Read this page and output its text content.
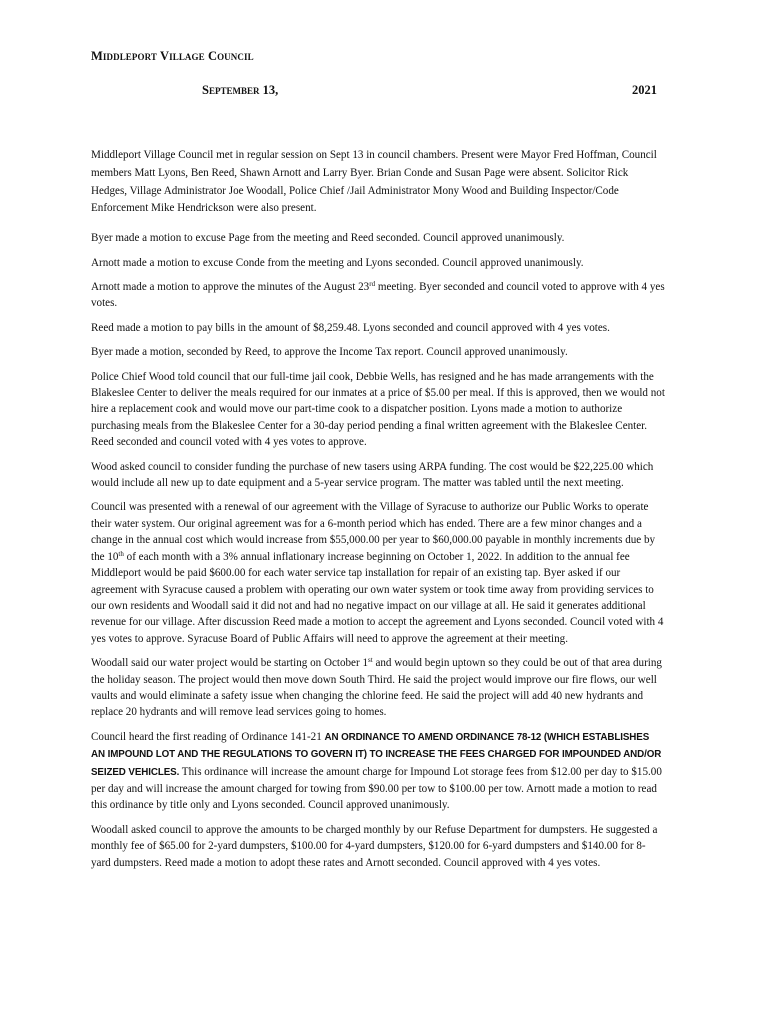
Middleport Village Council
September 13,	2021

Middleport Village Council met in regular session on Sept 13 in council chambers. Present were Mayor Fred Hoffman, Council members Matt Lyons, Ben Reed, Shawn Arnott and Larry Byer. Brian Conde and Susan Page were absent. Solicitor Rick Hedges, Village Administrator Joe Woodall, Police Chief /Jail Administrator Mony Wood and Building Inspector/Code Enforcement Mike Hendrickson were also present.

Byer made a motion to excuse Page from the meeting and Reed seconded. Council approved unanimously.

Arnott made a motion to excuse Conde from the meeting and Lyons seconded. Council approved unanimously.

Arnott made a motion to approve the minutes of the August 23rd meeting. Byer seconded and council voted to approve with 4 yes votes.

Reed made a motion to pay bills in the amount of $8,259.48. Lyons seconded and council approved with 4 yes votes.

Byer made a motion, seconded by Reed, to approve the Income Tax report. Council approved unanimously.

Police Chief Wood told council that our full-time jail cook, Debbie Wells, has resigned and he has made arrangements with the Blakeslee Center to deliver the meals required for our inmates at a price of $5.00 per meal. If this is approved, then we would not hire a replacement cook and would move our part-time cook to a dispatcher position. Lyons made a motion to authorize purchasing meals from the Blakeslee Center for a 30-day period pending a final written agreement with the Blakeslee Center. Reed seconded and council voted with 4 yes votes to approve.

Wood asked council to consider funding the purchase of new tasers using ARPA funding. The cost would be $22,225.00 which would include all new up to date equipment and a 5-year service program. The matter was tabled until the next meeting.

Council was presented with a renewal of our agreement with the Village of Syracuse to authorize our Public Works to operate their water system. Our original agreement was for a 6-month period which has ended. There are a few minor changes and a change in the annual cost which would increase from $55,000.00 per year to $60,000.00 payable in monthly increments due by the 10th of each month with a 3% annual inflationary increase beginning on October 1, 2022. In addition to the annual fee Middleport would be paid $600.00 for each water service tap installation for repair of an existing tap. Byer asked if our agreement with Syracuse caused a problem with operating our own water system or took time away from providing services to our own residents and Woodall said it did not and had no negative impact on our village at all. He said it generates additional revenue for our village. After discussion Reed made a motion to accept the agreement and Lyons seconded. Council voted with 4 yes votes to approve. Syracuse Board of Public Affairs will need to approve the agreement at their meeting.

Woodall said our water project would be starting on October 1st and would begin uptown so they could be out of that area during the holiday season. The project would then move down South Third. He said the project would improve our fire flows, our well vaults and would eliminate a safety issue when changing the chlorine feed. He said the project will add 40 new hydrants and replace 20 hydrants and will remove lead services going to homes.

Council heard the first reading of Ordinance 141-21 AN ORDINANCE TO AMEND ORDINANCE 78-12 (WHICH ESTABLISHES AN IMPOUND LOT AND THE REGULATIONS TO GOVERN IT) TO INCREASE THE FEES CHARGED FOR IMPOUNDED AND/OR SEIZED VEHICLES. This ordinance will increase the amount charge for Impound Lot storage fees from $12.00 per day to $15.00 per day and will increase the amount charged for towing from $90.00 per tow to $100.00 per tow. Arnott made a motion to read this ordinance by title only and Lyons seconded. Council approved unanimously.

Woodall asked council to approve the amounts to be charged monthly by our Refuse Department for dumpsters. He suggested a monthly fee of $65.00 for 2-yard dumpsters, $100.00 for 4-yard dumpsters, $120.00 for 6-yard dumpsters and $140.00 for 8-yard dumpsters. Reed made a motion to adopt these rates and Arnott seconded. Council approved with 4 yes votes.
